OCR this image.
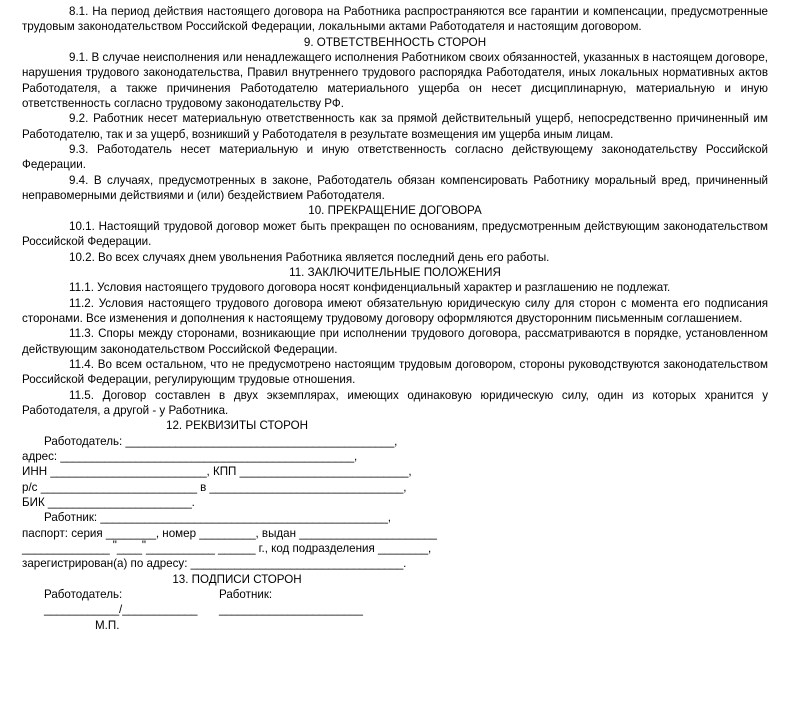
8.1. На период действия настоящего договора на Работника распространяются все гарантии и компенсации, предусмотренные трудовым законодательством Российской Федерации, локальными актами Работодателя и настоящим договором.

9. ОТВЕТСТВЕННОСТЬ СТОРОН

9.1. В случае неисполнения или ненадлежащего исполнения Работником своих обязанностей, указанных в настоящем договоре, нарушения трудового законодательства, Правил внутреннего трудового распорядка Работодателя, иных локальных нормативных актов Работодателя, а также причинения Работодателю материального ущерба он несет дисциплинарную, материальную и иную ответственность согласно трудовому законодательству РФ.

9.2. Работник несет материальную ответственность как за прямой действительный ущерб, непосредственно причиненный им Работодателю, так и за ущерб, возникший у Работодателя в результате возмещения им ущерба иным лицам.

9.3. Работодатель несет материальную и иную ответственность согласно действующему законодательству Российской Федерации.

9.4. В случаях, предусмотренных в законе, Работодатель обязан компенсировать Работнику моральный вред, причиненный неправомерными действиями и (или) бездействием Работодателя.

10. ПРЕКРАЩЕНИЕ ДОГОВОРА

10.1. Настоящий трудовой договор может быть прекращен по основаниям, предусмотренным действующим законодательством Российской Федерации.

10.2. Во всех случаях днем увольнения Работника является последний день его работы.

11. ЗАКЛЮЧИТЕЛЬНЫЕ ПОЛОЖЕНИЯ

11.1. Условия настоящего трудового договора носят конфиденциальный характер и разглашению не подлежат.

11.2. Условия настоящего трудового договора имеют обязательную юридическую силу для сторон с момента его подписания сторонами. Все изменения и дополнения к настоящему трудовому договору оформляются двусторонним письменным соглашением.

11.3. Споры между сторонами, возникающие при исполнении трудового договора, рассматриваются в порядке, установленном действующим законодательством Российской Федерации.

11.4. Во всем остальном, что не предусмотрено настоящим трудовым договором, стороны руководствуются законодательством Российской Федерации, регулирующим трудовые отношения.

11.5. Договор составлен в двух экземплярах, имеющих одинаковую юридическую силу, один из которых хранится у Работодателя, а другой - у Работника.

12. РЕКВИЗИТЫ СТОРОН
Работодатель: ___________________________________________,
адрес: _______________________________________________,
ИНН _________________________, КПП ___________________________,
р/с _________________________ в _______________________________,
БИК _______________________.
Работник: ______________________________________________,
паспорт: серия ________, номер _________, выдан ______________________
______________ "____"___________ ______ г., код подразделения ________,
зарегистрирован(а) по адресу: __________________________________.
13. ПОДПИСИ СТОРОН
Работодатель:	Работник:
____________/____________	_______________________
М.П.
